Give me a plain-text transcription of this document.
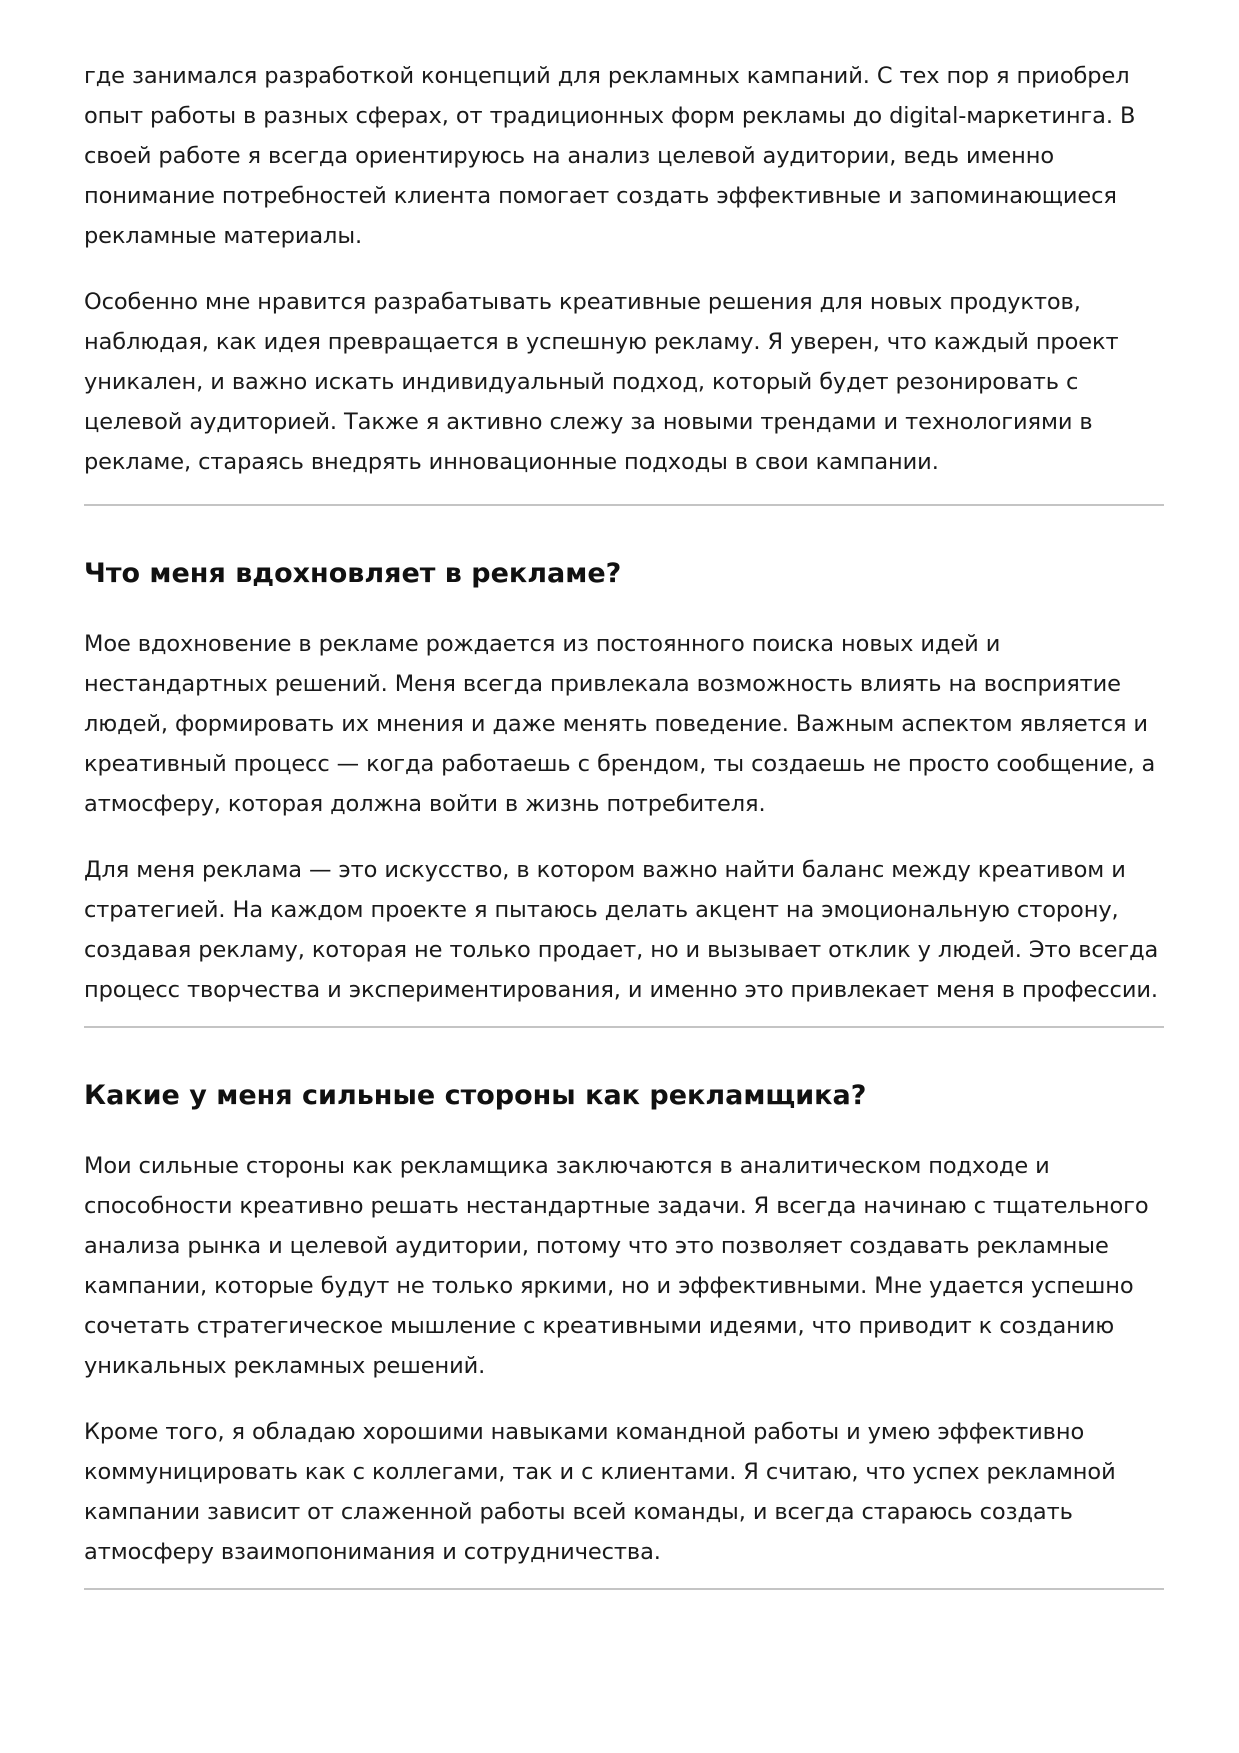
где занимался разработкой концепций для рекламных кампаний. С тех пор я приобрел опыт работы в разных сферах, от традиционных форм рекламы до digital-маркетинга. В своей работе я всегда ориентируюсь на анализ целевой аудитории, ведь именно понимание потребностей клиента помогает создать эффективные и запоминающиеся рекламные материалы.

Особенно мне нравится разрабатывать креативные решения для новых продуктов, наблюдая, как идея превращается в успешную рекламу. Я уверен, что каждый проект уникален, и важно искать индивидуальный подход, который будет резонировать с целевой аудиторией. Также я активно слежу за новыми трендами и технологиями в рекламе, стараясь внедрять инновационные подходы в свои кампании.

Что меня вдохновляет в рекламе?

Мое вдохновение в рекламе рождается из постоянного поиска новых идей и нестандартных решений. Меня всегда привлекала возможность влиять на восприятие людей, формировать их мнения и даже менять поведение. Важным аспектом является и креативный процесс — когда работаешь с брендом, ты создаешь не просто сообщение, а атмосферу, которая должна войти в жизнь потребителя.

Для меня реклама — это искусство, в котором важно найти баланс между креативом и стратегией. На каждом проекте я пытаюсь делать акцент на эмоциональную сторону, создавая рекламу, которая не только продает, но и вызывает отклик у людей. Это всегда процесс творчества и экспериментирования, и именно это привлекает меня в профессии.

Какие у меня сильные стороны как рекламщика?

Мои сильные стороны как рекламщика заключаются в аналитическом подходе и способности креативно решать нестандартные задачи. Я всегда начинаю с тщательного анализа рынка и целевой аудитории, потому что это позволяет создавать рекламные кампании, которые будут не только яркими, но и эффективными. Мне удается успешно сочетать стратегическое мышление с креативными идеями, что приводит к созданию уникальных рекламных решений.

Кроме того, я обладаю хорошими навыками командной работы и умею эффективно коммуницировать как с коллегами, так и с клиентами. Я считаю, что успех рекламной кампании зависит от слаженной работы всей команды, и всегда стараюсь создать атмосферу взаимопонимания и сотрудничества.
